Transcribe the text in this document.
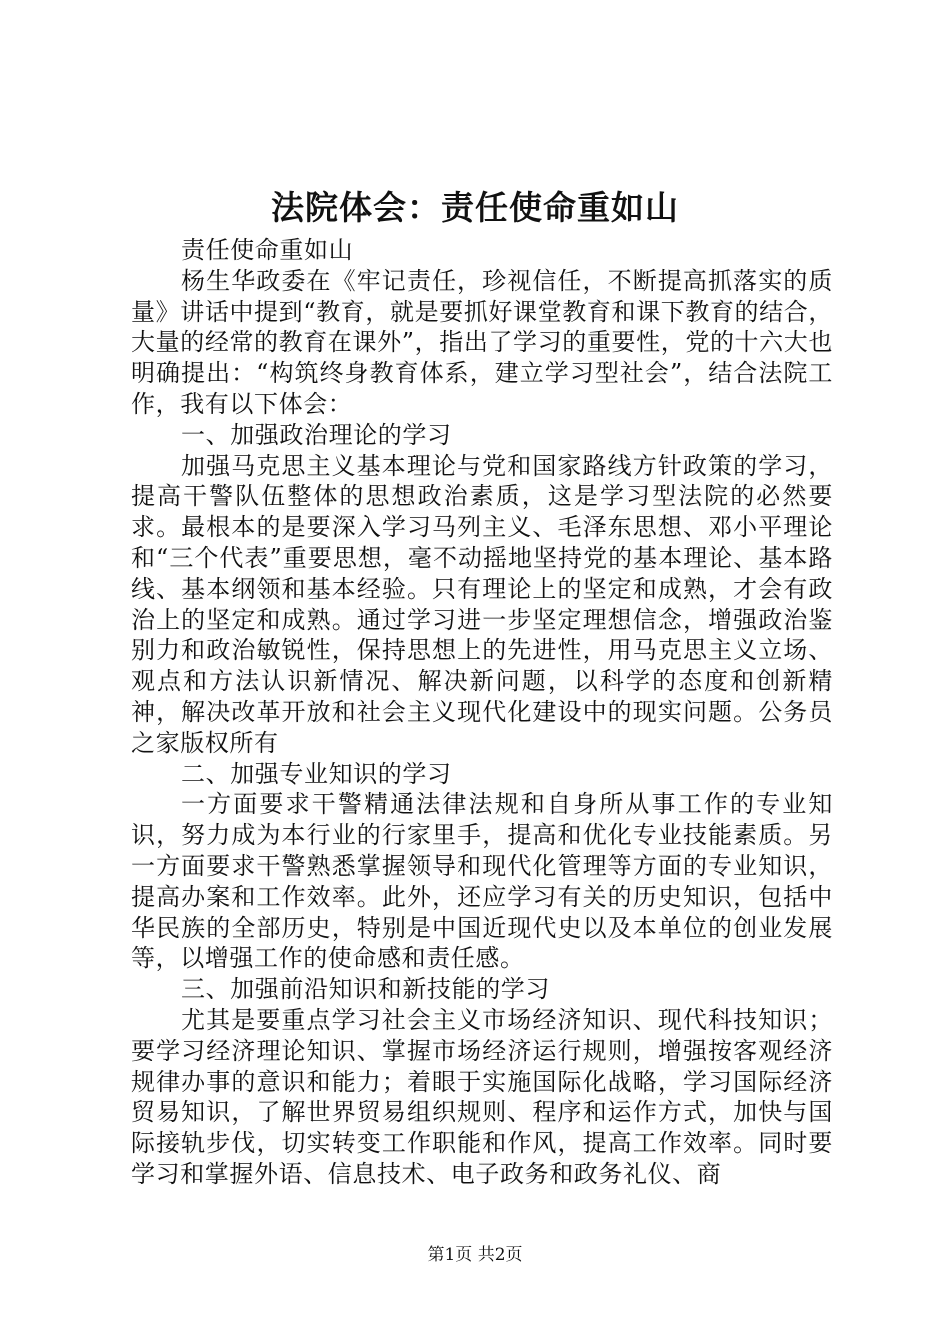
法院体会：责任使命重如山

责任使命重如山

杨生华政委在《牢记责任，珍视信任，不断提高抓落实的质量》讲话中提到“教育，就是要抓好课堂教育和课下教育的结合，大量的经常的教育在课外”，指出了学习的重要性，党的十六大也明确提出：“构筑终身教育体系，建立学习型社会”，结合法院工作，我有以下体会：

一、加强政治理论的学习

加强马克思主义基本理论与党和国家路线方针政策的学习，提高干警队伍整体的思想政治素质，这是学习型法院的必然要求。最根本的是要深入学习马列主义、毛泽东思想、邓小平理论和“三个代表”重要思想，毫不动摇地坚持党的基本理论、基本路线、基本纲领和基本经验。只有理论上的坚定和成熟，才会有政治上的坚定和成熟。通过学习进一步坚定理想信念，增强政治鉴别力和政治敏锐性，保持思想上的先进性，用马克思主义立场、观点和方法认识新情况、解决新问题，以科学的态度和创新精神，解决改革开放和社会主义现代化建设中的现实问题。公务员之家版权所有

二、加强专业知识的学习

一方面要求干警精通法律法规和自身所从事工作的专业知识，努力成为本行业的行家里手，提高和优化专业技能素质。另一方面要求干警熟悉掌握领导和现代化管理等方面的专业知识，提高办案和工作效率。此外，还应学习有关的历史知识，包括中华民族的全部历史，特别是中国近现代史以及本单位的创业发展等，以增强工作的使命感和责任感。

三、加强前沿知识和新技能的学习

尤其是要重点学习社会主义市场经济知识、现代科技知识；要学习经济理论知识、掌握市场经济运行规则，增强按客观经济规律办事的意识和能力；着眼于实施国际化战略，学习国际经济贸易知识，了解世界贸易组织规则、程序和运作方式，加快与国际接轨步伐，切实转变工作职能和作风，提高工作效率。同时要学习和掌握外语、信息技术、电子政务和政务礼仪、商

第1页 共2页
